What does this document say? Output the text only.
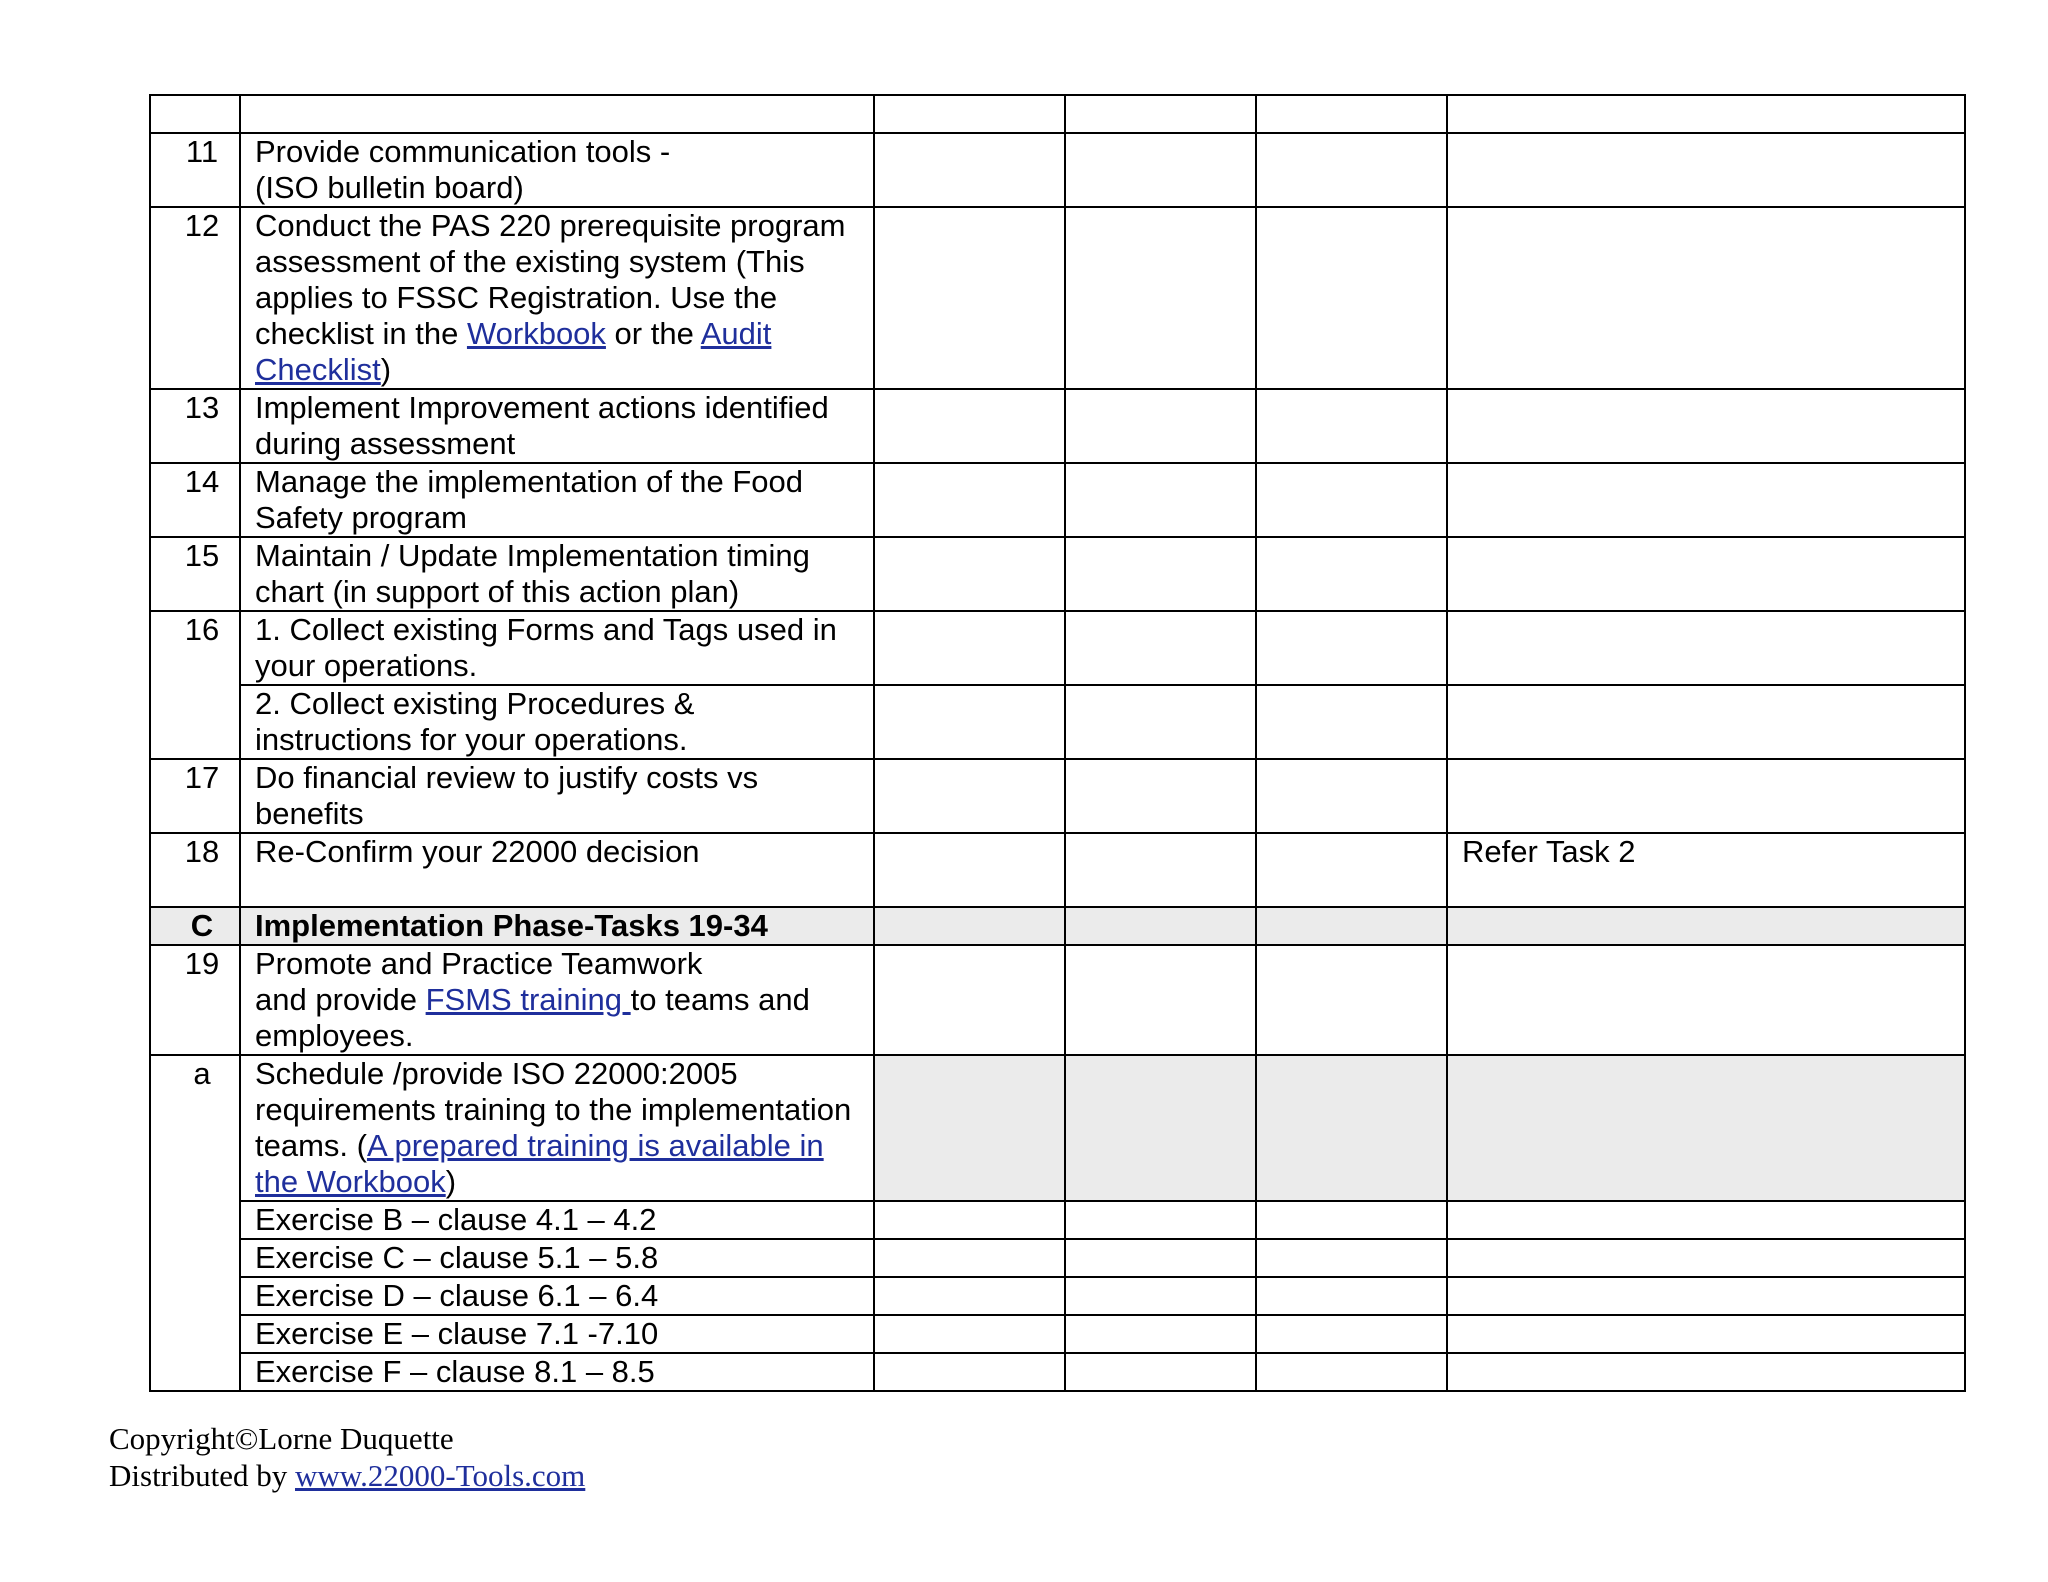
11	Provide communication tools -
(ISO bulletin board)				
12	Conduct the PAS 220 prerequisite program assessment of the existing system (This applies to FSSC Registration. Use the checklist in the Workbook or the Audit Checklist)				
13	Implement Improvement actions identified
during assessment				
14	Manage the implementation of the Food
Safety program				
15	Maintain / Update Implementation timing
chart (in support of this action plan)				
16	1. Collect existing Forms and Tags used in
your operations.				
	2. Collect existing Procedures &
instructions for your operations.				
17	Do financial review to justify costs vs
benefits				
18	Re-Confirm your 22000 decision				Refer Task 2
C	Implementation Phase-Tasks 19-34				
19	Promote and Practice Teamwork
and provide FSMS training to teams and
employees.				
a	Schedule /provide ISO 22000:2005 requirements training to the implementation teams. (A prepared training is available in the Workbook)				
	Exercise B – clause 4.1 – 4.2				
	Exercise C – clause 5.1 – 5.8				
	Exercise D – clause 6.1 – 6.4				
	Exercise E – clause 7.1 -7.10				
	Exercise F – clause 8.1 – 8.5				
Copyright©Lorne Duquette
Distributed by www.22000-Tools.com
